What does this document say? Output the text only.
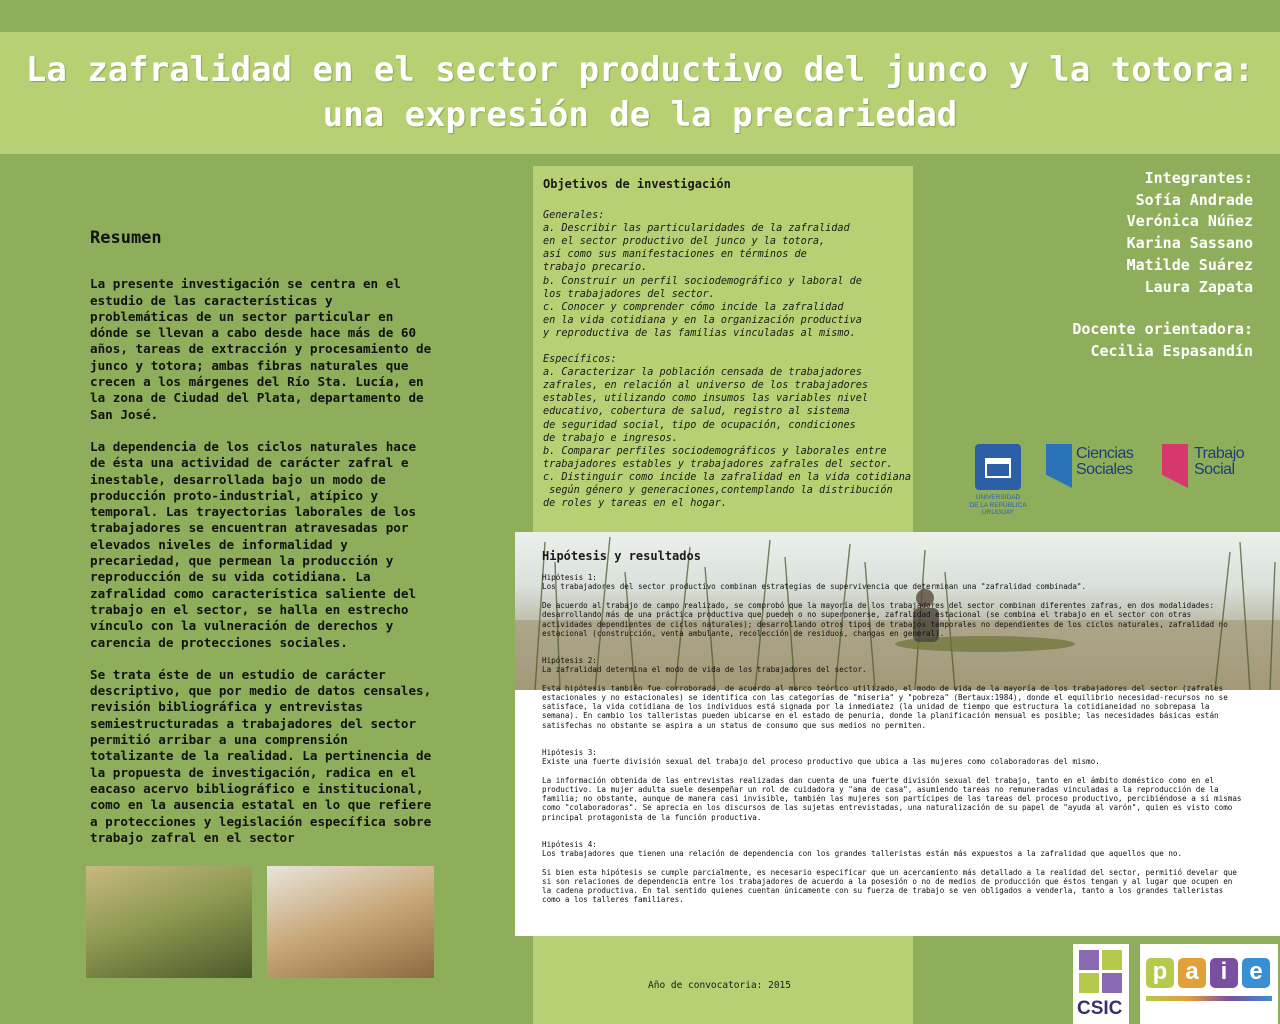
La zafralidad en el sector productivo del junco y la totora:
una expresión de la precariedad
Resumen

La presente investigación se centra en el estudio de las características y problemáticas de un sector particular en dónde se llevan a cabo desde hace más de 60 años, tareas de extracción y procesamiento de junco y totora; ambas fibras naturales que crecen a los márgenes del Río Sta. Lucía, en la zona de Ciudad del Plata, departamento de San José.

La dependencia de los ciclos naturales hace de ésta una actividad de carácter zafral e inestable, desarrollada bajo un modo de producción proto-industrial, atípico y temporal. Las trayectorias laborales de los trabajadores se encuentran atravesadas por elevados niveles de informalidad y precariedad, que permean la producción y reproducción de su vida cotidiana. La zafralidad como característica saliente del trabajo en el sector, se halla en estrecho vínculo con la vulneración de derechos y carencia de protecciones sociales.

Se trata éste de un estudio de carácter descriptivo, que por medio de datos censales, revisión bibliográfica y entrevistas semiestructuradas a trabajadores del sector permitió arribar a una comprensión totalizante de la realidad. La pertinencia de la propuesta de investigación, radica en el eacaso acervo bibliográfico e institucional, como en la ausencia estatal en lo que refiere a protecciones y legislación específica sobre trabajo zafral en el sector

Objetivos de investigación
Generales:
a. Describir las particularidades de la zafralidad
en el sector productivo del junco y la totora,
así como sus manifestaciones en términos de
trabajo precario.
b. Construir un perfil sociodemográfico y laboral de
los trabajadores del sector.
c. Conocer y comprender cómo incide la zafralidad
en la vida cotidiana y en la organización productiva
y reproductiva de las familias vinculadas al mismo.
Específicos:
a. Caracterizar la población censada de trabajadores
zafrales, en relación al universo de los trabajadores
estables, utilizando como insumos las variables nivel
educativo, cobertura de salud, registro al sistema
de seguridad social, tipo de ocupación, condiciones
de trabajo e ingresos.
b. Comparar perfiles sociodemográficos y laborales entre
trabajadores estables y trabajadores zafrales del sector.
c. Distinguir como incide la zafralidad en la vida cotidiana
según género y generaciones,contemplando la distribución
de roles y tareas en el hogar.
Integrantes:
Sofía Andrade
Verónica Núñez
Karina Sassano
Matilde Suárez
Laura Zapata
Docente orientadora:
Cecilia Espasandín
UNIVERSIDAD
DE LA REPÚBLICA
URUGUAY
Ciencias
Sociales
Trabajo
Social
Hipótesis y resultados
Hipótesis 1:

Los trabajadores del sector productivo combinan estrategias de supervivencia que determinan una "zafralidad combinada".

De acuerdo al trabajo de campo realizado, se comprobó que la mayoría de los trabajadores del sector combinan diferentes zafras, en dos modalidades: desarrollando más de una práctica productiva que pueden o no superponerse, zafralidad estacional (se combina el trabajo en el sector con otras actividades dependientes de ciclos naturales); desarrollando otros tipos de trabajos temporales no dependientes de los ciclos naturales, zafralidad no estacional (construcción, venta ambulante, recolección de residuos, changas en general).

Hipótesis 2:

La zafralidad determina el modo de vida de los trabajadores del sector.

Esta hipótesis también fue corroborada, de acuerdo al marco teórico utilizado, el modo de vida de la mayoría de los trabajadores del sector (zafrales estacionales y no estacionales) se identifica con las categorías de "miseria" y "pobreza" (Bertaux:1984), donde el equilibrio necesidad-recursos no se satisface, la vida cotidiana de los individuos está signada por la inmediatez (la unidad de tiempo que estructura la cotidianeidad no sobrepasa la semana). En cambio los talleristas pueden ubicarse en el estado de penuria, donde la planificación mensual es posible; las necesidades básicas están satisfechas no obstante se aspira a un status de consumo que sus medios no permiten.

Hipótesis 3:

Existe una fuerte división sexual del trabajo del proceso productivo que ubica a las mujeres como colaboradoras del mismo.

La información obtenida de las entrevistas realizadas dan cuenta de una fuerte división sexual del trabajo, tanto en el ámbito doméstico como en el productivo. La mujer adulta suele desempeñar un rol de cuidadora y "ama de casa", asumiendo tareas no remuneradas vinculadas a la reproducción de la familia; no obstante, aunque de manera casi invisible, también las mujeres son partícipes de las tareas del proceso productivo, percibiéndose a sí mismas como "colaboradoras". Se aprecia en los discursos de las sujetas entrevistadas, una naturalización de su papel de "ayuda al varón", quien es visto como principal protagonista de la función productiva.

Hipótesis 4:

Los trabajadores que tienen una relación de dependencia con los grandes talleristas están más expuestos a la zafralidad que aquellos que no.

Si bien esta hipótesis se cumple parcialmente, es necesario especificar que un acercamiento más detallado a la realidad del sector, permitió develar que si son relaciones de dependencia entre los trabajadores de acuerdo a la posesión o no de medios de producción que éstos tengan y al lugar que ocupen en la cadena productiva. En tal sentido quienes cuentan únicamente con su fuerza de trabajo se ven obligados a venderla, tanto a los grandes talleristas como a los talleres familiares.

Año de convocatoria: 2015
CSIC
p a i e
